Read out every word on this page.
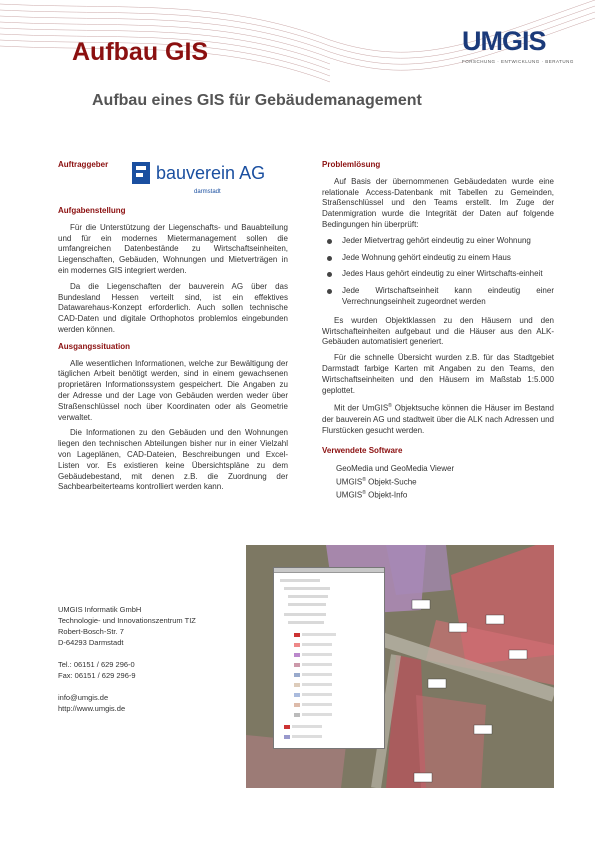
Aufbau GIS	UMGIS
FORSCHUNG · ENTWICKLUNG · BERATUNG
Aufbau eines GIS für Gebäudemanagement
Auftraggeber	bauverein AG
darmstadt
Aufgabenstellung

Für die Unterstützung der Liegenschafts- und Bauabteilung und für ein modernes Mietermanagement sollen die umfangreichen Datenbestände zu Wirtschaftseinheiten, Liegenschaften, Gebäuden, Wohnungen und Mietverträgen in ein modernes GIS integriert werden.

Da die Liegenschaften der bauverein AG über das Bundesland Hessen verteilt sind, ist ein effektives Datawarehaus-Konzept erforderlich. Auch sollen technische CAD-Daten und digitale Orthophotos problemlos eingebunden werden können.

Ausgangssituation

Alle wesentlichen Informationen, welche zur Bewältigung der täglichen Arbeit benötigt werden, sind in einem gewachsenen proprietären Informationssystem gespeichert. Die Angaben zu der Adresse und der Lage von Gebäuden werden weder über Straßenschlüssel noch über Koordinaten oder als Geometrie verwaltet.

Die Informationen zu den Gebäuden und den Wohnungen liegen den technischen Abteilungen bisher nur in einer Vielzahl von Lageplänen, CAD-Dateien, Beschreibungen und Excel-Listen vor. Es existieren keine Übersichtspläne zu dem Gebäudebestand, mit denen z.B. die Zuordnung der Sachbearbeiterteams kontrolliert werden kann.

Problemlösung

Auf Basis der übernommenen Gebäudedaten wurde eine relationale Access-Datenbank mit Tabellen zu Gemeinden, Straßenschlüssel und den Teams erstellt. Im Zuge der Datenmigration wurde die Integrität der Daten auf folgende Bedingungen hin überprüft:

Jeder Mietvertrag gehört eindeutig zu einer Wohnung
Jede Wohnung gehört eindeutig zu einem Haus
Jedes Haus gehört eindeutig zu einer Wirtschafts-einheit
Jede Wirtschaftseinheit kann eindeutig einer Verrechnungseinheit zugeordnet werden

Es wurden Objektklassen zu den Häusern und den Wirtschafteinheiten aufgebaut und die Häuser aus den ALK-Gebäuden automatisiert generiert.

Für die schnelle Übersicht wurden z.B. für das Stadtgebiet Darmstadt farbige Karten mit Angaben zu den Teams, den Wirtschaftseinheiten und den Häusern im Maßstab 1:5.000 geplottet.

Mit der UmGIS® Objektsuche können die Häuser im Bestand der bauverein AG und stadtweit über die ALK nach Adressen und Flurstücken gesucht werden.

Verwendete Software
GeoMedia und GeoMedia Viewer
UMGIS® Objekt-Suche
UMGIS® Objekt-Info
UMGIS Informatik GmbH
Technologie- und Innovationszentrum TIZ
Robert-Bosch-Str. 7
D-64293 Darmstadt
Tel.: 06151 / 629 296-0
Fax: 06151 / 629 296-9
info@umgis.de
http://www.umgis.de
